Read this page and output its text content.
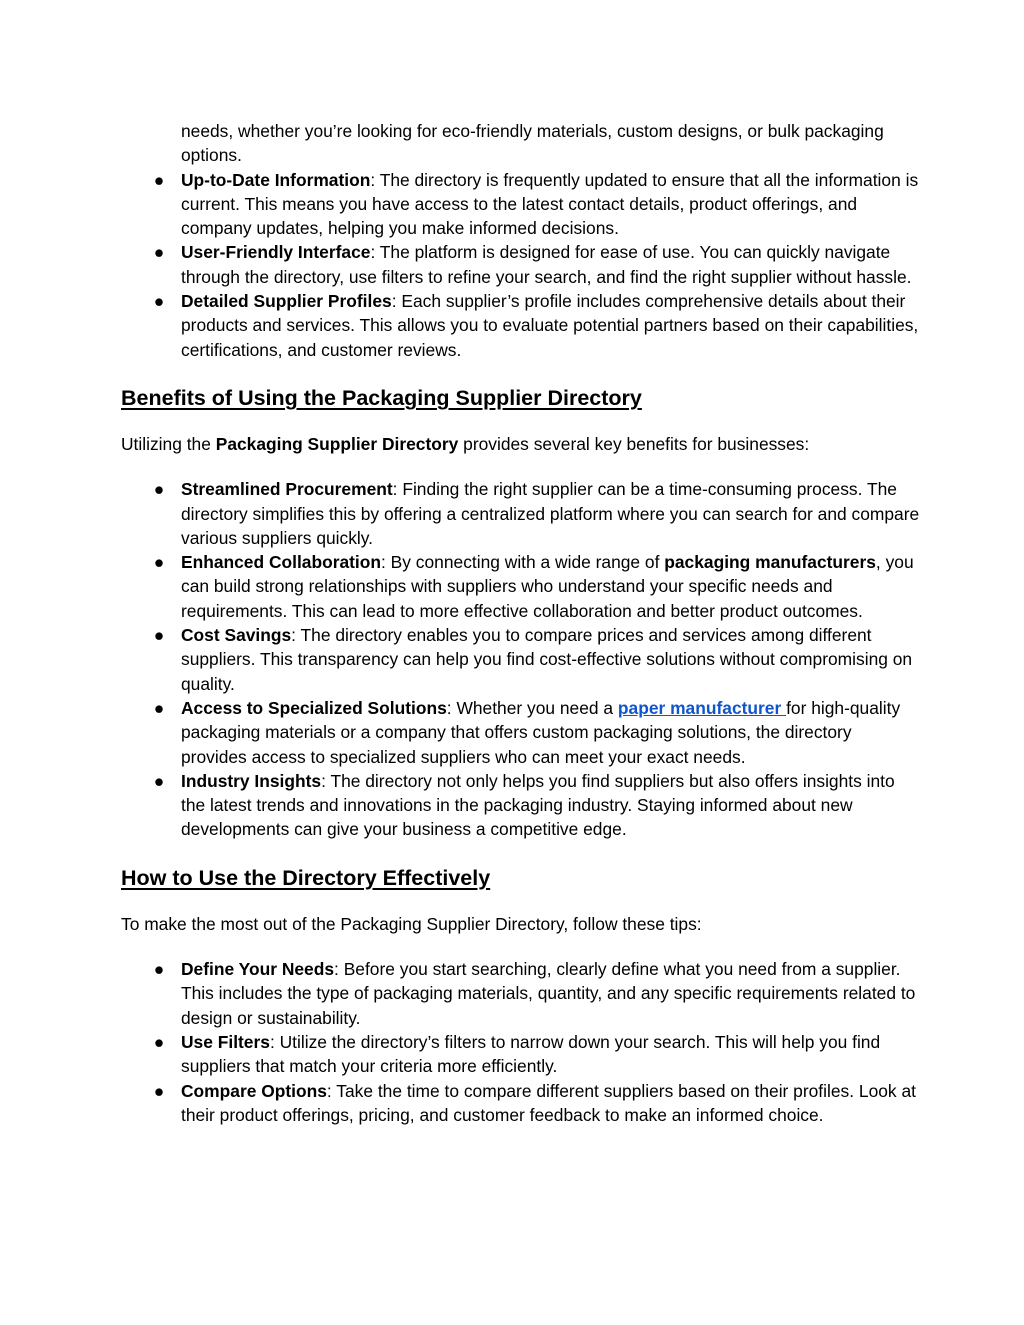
needs, whether you’re looking for eco-friendly materials, custom designs, or bulk packaging options.
● Up-to-Date Information: The directory is frequently updated to ensure that all the information is current. This means you have access to the latest contact details, product offerings, and company updates, helping you make informed decisions.
● User-Friendly Interface: The platform is designed for ease of use. You can quickly navigate through the directory, use filters to refine your search, and find the right supplier without hassle.
● Detailed Supplier Profiles: Each supplier’s profile includes comprehensive details about their products and services. This allows you to evaluate potential partners based on their capabilities, certifications, and customer reviews.
Benefits of Using the Packaging Supplier Directory
Utilizing the Packaging Supplier Directory provides several key benefits for businesses:
● Streamlined Procurement: Finding the right supplier can be a time-consuming process. The directory simplifies this by offering a centralized platform where you can search for and compare various suppliers quickly.
● Enhanced Collaboration: By connecting with a wide range of packaging manufacturers, you can build strong relationships with suppliers who understand your specific needs and requirements. This can lead to more effective collaboration and better product outcomes.
● Cost Savings: The directory enables you to compare prices and services among different suppliers. This transparency can help you find cost-effective solutions without compromising on quality.
● Access to Specialized Solutions: Whether you need a paper manufacturer for high-quality packaging materials or a company that offers custom packaging solutions, the directory provides access to specialized suppliers who can meet your exact needs.
● Industry Insights: The directory not only helps you find suppliers but also offers insights into the latest trends and innovations in the packaging industry. Staying informed about new developments can give your business a competitive edge.
How to Use the Directory Effectively
To make the most out of the Packaging Supplier Directory, follow these tips:
● Define Your Needs: Before you start searching, clearly define what you need from a supplier. This includes the type of packaging materials, quantity, and any specific requirements related to design or sustainability.
● Use Filters: Utilize the directory’s filters to narrow down your search. This will help you find suppliers that match your criteria more efficiently.
● Compare Options: Take the time to compare different suppliers based on their profiles. Look at their product offerings, pricing, and customer feedback to make an informed choice.
